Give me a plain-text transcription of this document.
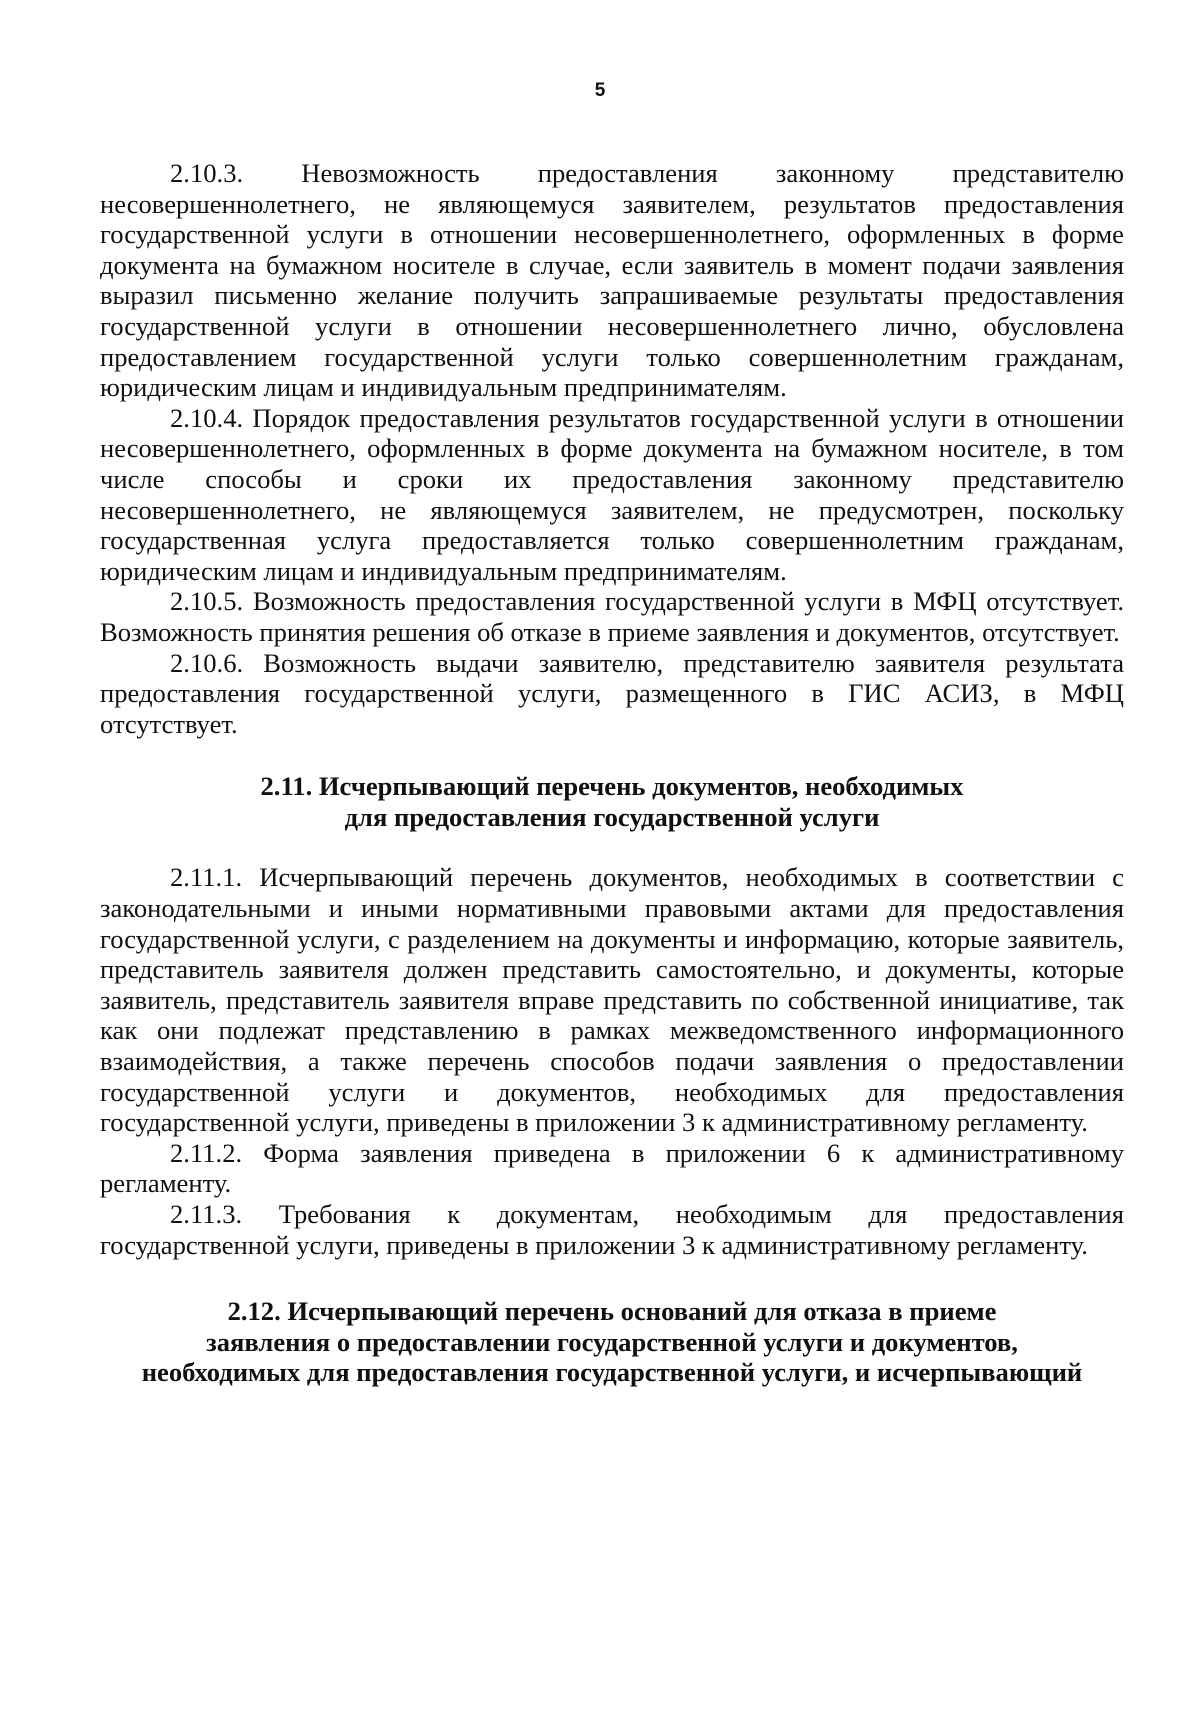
5

2.10.3. Невозможность предоставления законному представителю несовершеннолетнего, не являющемуся заявителем, результатов предоставления государственной услуги в отношении несовершеннолетнего, оформленных в форме документа на бумажном носителе в случае, если заявитель в момент подачи заявления выразил письменно желание получить запрашиваемые результаты предоставления государственной услуги в отношении несовершеннолетнего лично, обусловлена предоставлением государственной услуги только совершеннолетним гражданам, юридическим лицам и индивидуальным предпринимателям.

2.10.4. Порядок предоставления результатов государственной услуги в отношении несовершеннолетнего, оформленных в форме документа на бумажном носителе, в том числе способы и сроки их предоставления законному представителю несовершеннолетнего, не являющемуся заявителем, не предусмотрен, поскольку государственная услуга предоставляется только совершеннолетним гражданам, юридическим лицам и индивидуальным предпринимателям.

2.10.5. Возможность предоставления государственной услуги в МФЦ отсутствует. Возможность принятия решения об отказе в приеме заявления и документов, отсутствует.

2.10.6. Возможность выдачи заявителю, представителю заявителя результата предоставления государственной услуги, размещенного в ГИС АСИЗ, в МФЦ отсутствует.

2.11. Исчерпывающий перечень документов, необходимых

для предоставления государственной услуги

2.11.1. Исчерпывающий перечень документов, необходимых в соответствии с законодательными и иными нормативными правовыми актами для предоставления государственной услуги, с разделением на документы и информацию, которые заявитель, представитель заявителя должен представить самостоятельно, и документы, которые заявитель, представитель заявителя вправе представить по собственной инициативе, так как они подлежат представлению в рамках межведомственного информационного взаимодействия, а также перечень способов подачи заявления о предоставлении государственной услуги и документов, необходимых для предоставления государственной услуги, приведены в приложении 3 к административному регламенту.

2.11.2. Форма заявления приведена в приложении 6 к административному регламенту.

2.11.3. Требования к документам, необходимым для предоставления государственной услуги, приведены в приложении 3 к административному регламенту.

2.12. Исчерпывающий перечень оснований для отказа в приеме

заявления о предоставлении государственной услуги и документов,

необходимых для предоставления государственной услуги, и исчерпывающий
